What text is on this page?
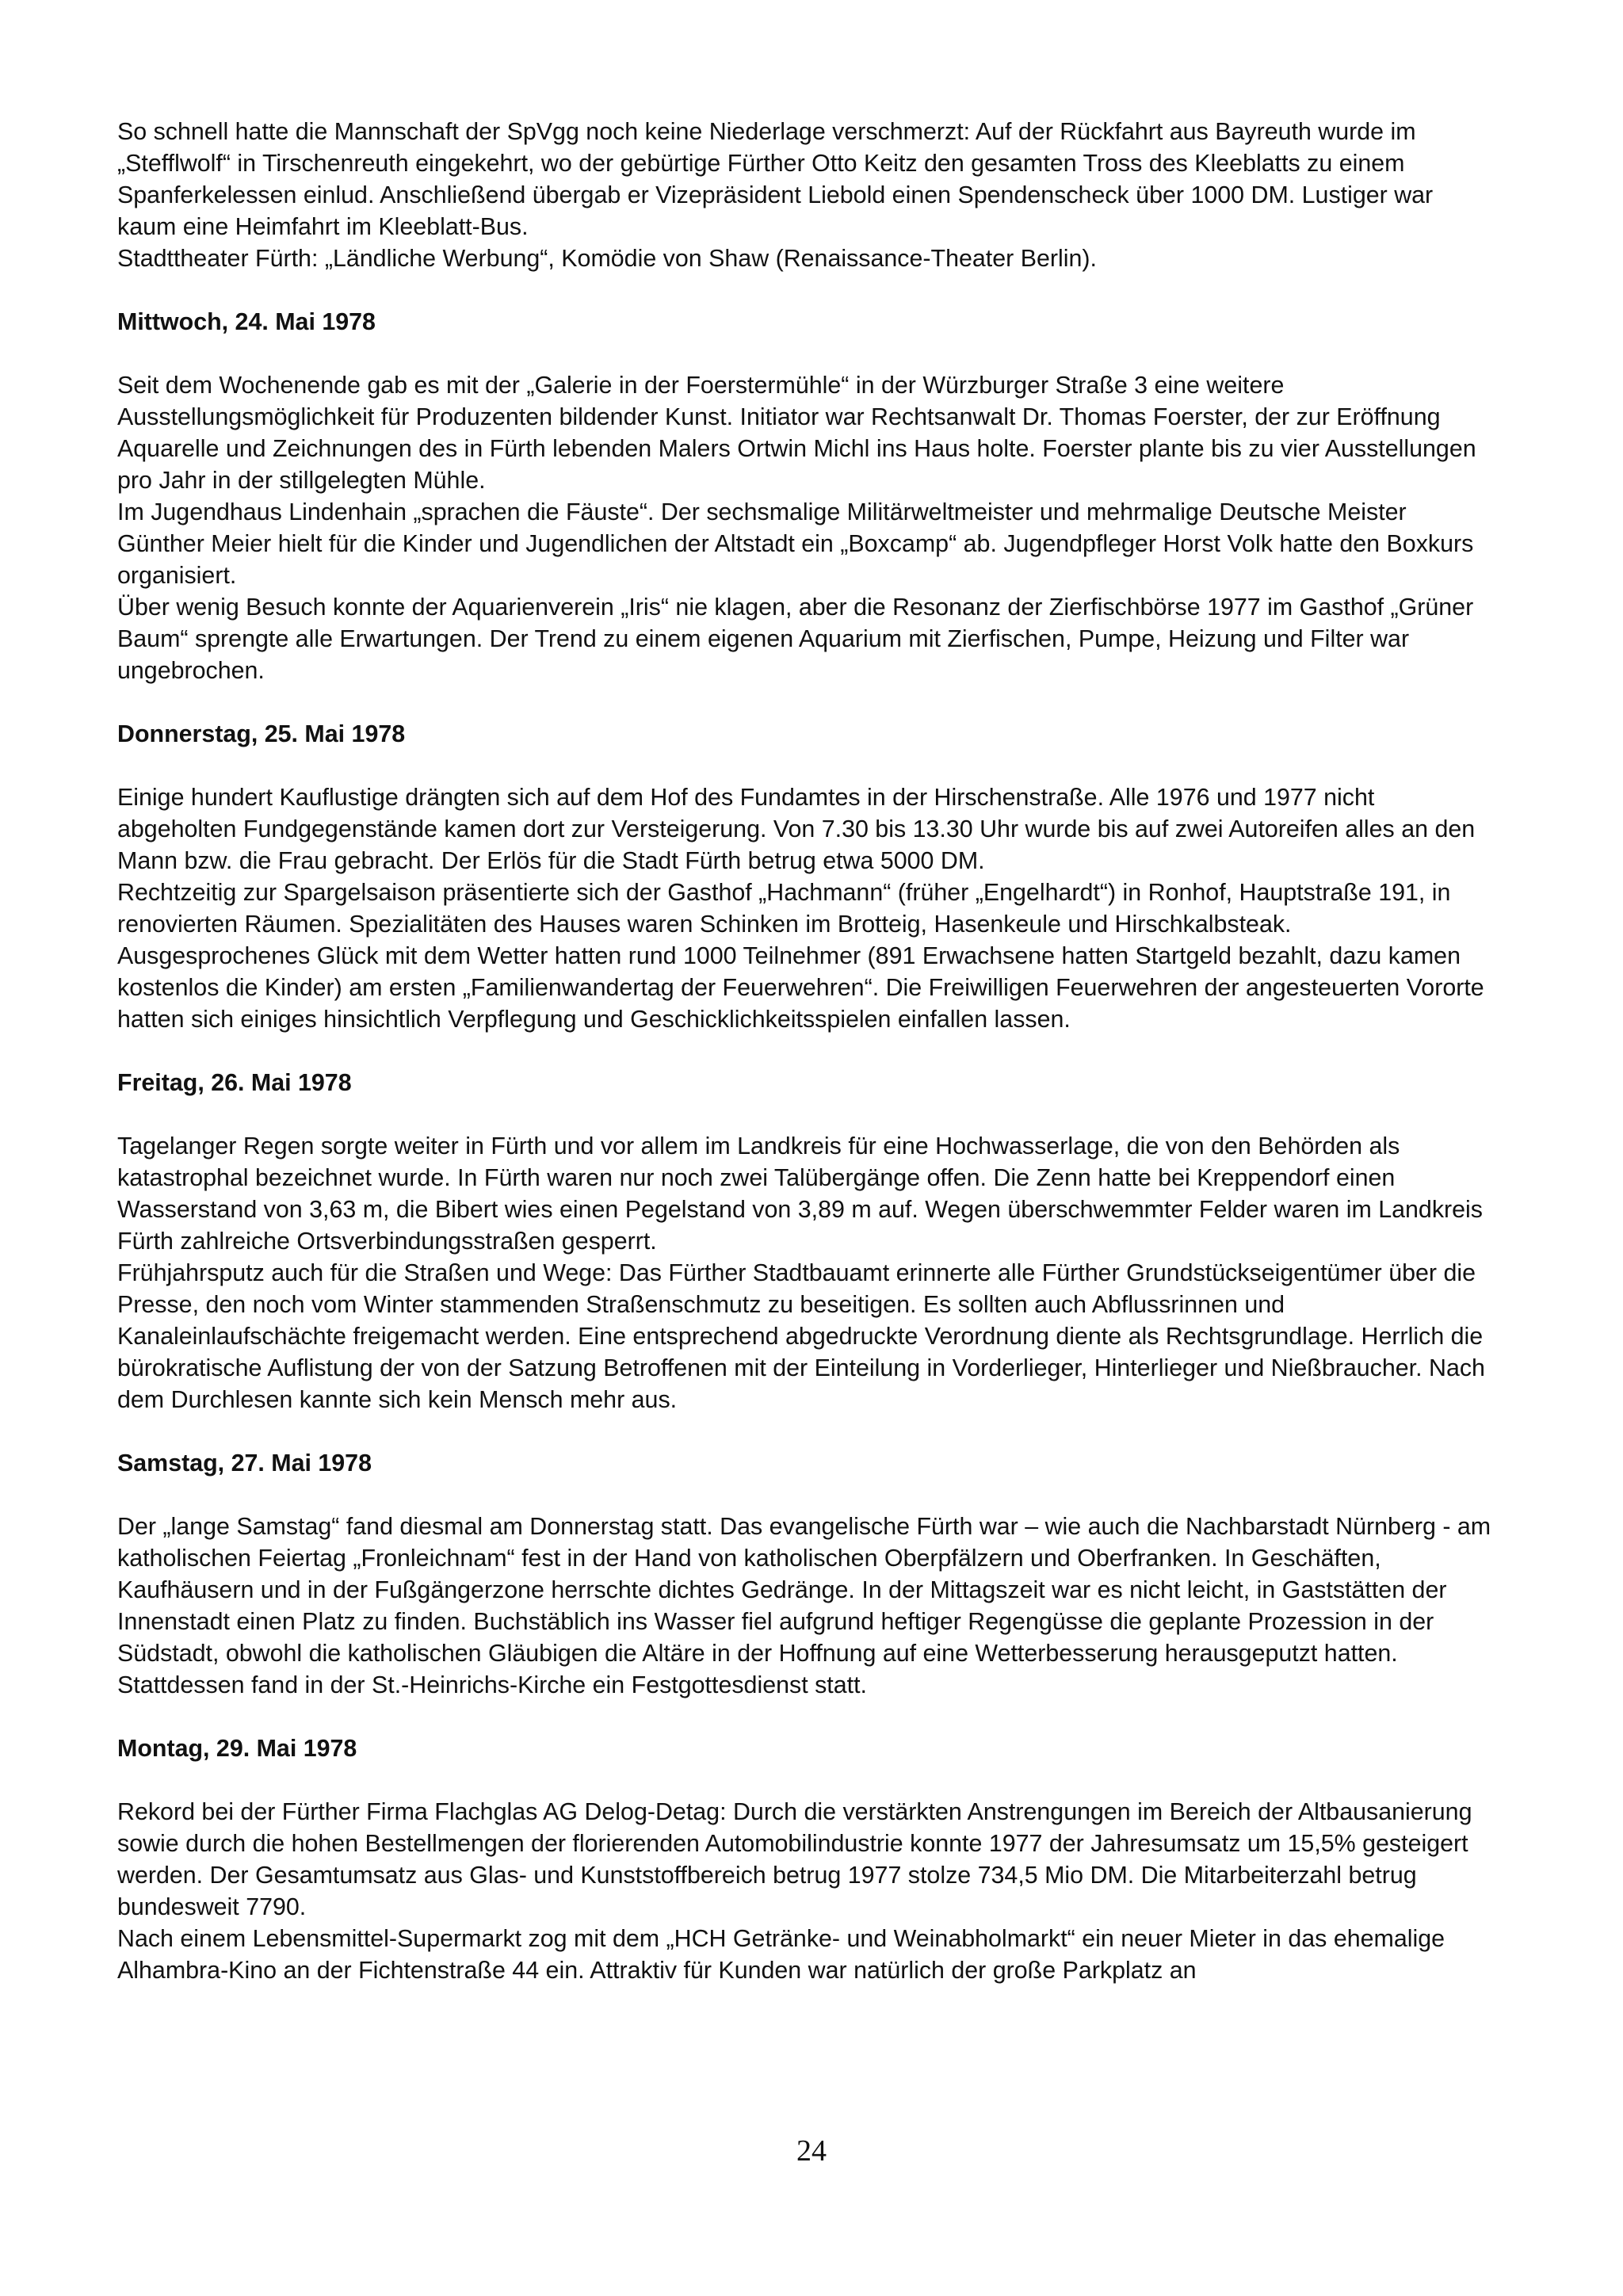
So schnell hatte die Mannschaft der SpVgg noch keine Niederlage verschmerzt: Auf der Rückfahrt aus Bayreuth wurde im „Stefflwolf“ in Tirschenreuth eingekehrt, wo der gebürtige Fürther Otto Keitz den gesamten Tross des Kleeblatts zu einem Spanferkelessen einlud. Anschließend übergab er Vizepräsident Liebold einen Spendenscheck über 1000 DM. Lustiger war kaum eine Heimfahrt im Kleeblatt-Bus.

Stadttheater Fürth: „Ländliche Werbung“, Komödie von Shaw (Renaissance-Theater Berlin).

Mittwoch, 24. Mai 1978

Seit dem Wochenende gab es mit der „Galerie in der Foerstermühle“ in der Würzburger Straße 3 eine weitere Ausstellungsmöglichkeit für Produzenten bildender Kunst. Initiator war Rechtsanwalt Dr. Thomas Foerster, der zur Eröffnung Aquarelle und Zeichnungen des in Fürth lebenden Malers Ortwin Michl ins Haus holte. Foerster plante bis zu vier Ausstellungen pro Jahr in der stillgelegten Mühle.

Im Jugendhaus Lindenhain „sprachen die Fäuste“. Der sechsmalige Militärweltmeister und mehrmalige Deutsche Meister Günther Meier hielt für die Kinder und Jugendlichen der Altstadt ein „Boxcamp“ ab. Jugendpfleger Horst Volk hatte den Boxkurs organisiert.

Über wenig Besuch konnte der Aquarienverein „Iris“ nie klagen, aber die Resonanz der Zierfischbörse 1977 im Gasthof „Grüner Baum“ sprengte alle Erwartungen. Der Trend zu einem eigenen Aquarium mit Zierfischen, Pumpe, Heizung und Filter war ungebrochen.

Donnerstag, 25. Mai 1978

Einige hundert Kauflustige drängten sich auf dem Hof des Fundamtes in der Hirschenstraße. Alle 1976 und 1977 nicht abgeholten Fundgegenstände kamen dort zur Versteigerung. Von 7.30 bis 13.30 Uhr wurde bis auf zwei Autoreifen alles an den Mann bzw. die Frau gebracht. Der Erlös für die Stadt Fürth betrug etwa 5000 DM.

Rechtzeitig zur Spargelsaison präsentierte sich der Gasthof „Hachmann“ (früher „Engelhardt“) in Ronhof, Hauptstraße 191, in renovierten Räumen. Spezialitäten des Hauses waren Schinken im Brotteig, Hasenkeule und Hirschkalbsteak.

Ausgesprochenes Glück mit dem Wetter hatten rund 1000 Teilnehmer (891 Erwachsene hatten Startgeld bezahlt, dazu kamen kostenlos die Kinder) am ersten „Familienwandertag der Feuerwehren“. Die Freiwilligen Feuerwehren der angesteuerten Vororte hatten sich einiges hinsichtlich Verpflegung und Geschicklichkeitsspielen einfallen lassen.

Freitag, 26. Mai 1978

Tagelanger Regen sorgte weiter in Fürth und vor allem im Landkreis für eine Hochwasserlage, die von den Behörden als katastrophal bezeichnet wurde. In Fürth waren nur noch zwei Talübergänge offen. Die Zenn hatte bei Kreppendorf einen Wasserstand von 3,63 m, die Bibert wies einen Pegelstand von 3,89 m auf. Wegen überschwemmter Felder waren im Landkreis Fürth zahlreiche Ortsverbindungsstraßen gesperrt.

Frühjahrsputz auch für die Straßen und Wege: Das Fürther Stadtbauamt erinnerte alle Fürther Grundstückseigentümer über die Presse, den noch vom Winter stammenden Straßenschmutz zu beseitigen. Es sollten auch Abflussrinnen und Kanaleinlaufschächte freigemacht werden. Eine entsprechend abgedruckte Verordnung diente als Rechtsgrundlage. Herrlich die bürokratische Auflistung der von der Satzung Betroffenen mit der Einteilung in Vorderlieger, Hinterlieger und Nießbraucher. Nach dem Durchlesen kannte sich kein Mensch mehr aus.

Samstag, 27. Mai 1978

Der „lange Samstag“ fand diesmal am Donnerstag statt. Das evangelische Fürth war – wie auch die Nachbarstadt Nürnberg - am katholischen Feiertag „Fronleichnam“ fest in der Hand von katholischen Oberpfälzern und Oberfranken. In Geschäften, Kaufhäusern und in der Fußgängerzone herrschte dichtes Gedränge. In der Mittagszeit war es nicht leicht, in Gaststätten der Innenstadt einen Platz zu finden. Buchstäblich ins Wasser fiel aufgrund heftiger Regengüsse die geplante Prozession in der Südstadt, obwohl die katholischen Gläubigen die Altäre in der Hoffnung auf eine Wetterbesserung herausgeputzt hatten. Stattdessen fand in der St.-Heinrichs-Kirche ein Festgottesdienst statt.

Montag, 29. Mai 1978

Rekord bei der Fürther Firma Flachglas AG Delog-Detag: Durch die verstärkten Anstrengungen im Bereich der Altbausanierung sowie durch die hohen Bestellmengen der florierenden Automobilindustrie konnte 1977 der Jahresumsatz um 15,5% gesteigert werden. Der Gesamtumsatz aus Glas- und Kunststoffbereich betrug 1977 stolze 734,5 Mio DM. Die Mitarbeiterzahl betrug bundesweit 7790.

Nach einem Lebensmittel-Supermarkt zog mit dem „HCH Getränke- und Weinabholmarkt“ ein neuer Mieter in das ehemalige Alhambra-Kino an der Fichtenstraße 44 ein. Attraktiv für Kunden war natürlich der große Parkplatz an

24
